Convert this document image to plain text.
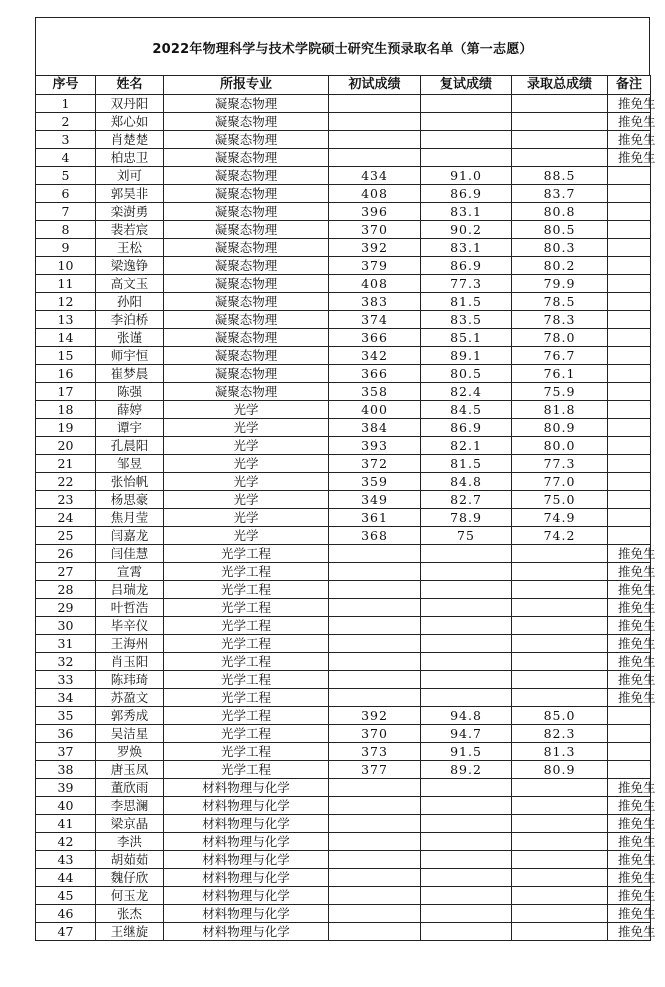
2022年物理科学与技术学院硕士研究生预录取名单（第一志愿）
序号	姓名	所报专业	初试成绩	复试成绩	录取总成绩	备注
1	双丹阳	凝聚态物理				推免生
2	郑心如	凝聚态物理				推免生
3	肖楚楚	凝聚态物理				推免生
4	柏忠卫	凝聚态物理				推免生
5	刘可	凝聚态物理	434	91.0	88.5	
6	郭昊非	凝聚态物理	408	86.9	83.7	
7	栾澍勇	凝聚态物理	396	83.1	80.8	
8	裴若宸	凝聚态物理	370	90.2	80.5	
9	王松	凝聚态物理	392	83.1	80.3	
10	梁逸铮	凝聚态物理	379	86.9	80.2	
11	高文玉	凝聚态物理	408	77.3	79.9	
12	孙阳	凝聚态物理	383	81.5	78.5	
13	李泊桥	凝聚态物理	374	83.5	78.3	
14	张谨	凝聚态物理	366	85.1	78.0	
15	师宇恒	凝聚态物理	342	89.1	76.7	
16	崔梦晨	凝聚态物理	366	80.5	76.1	
17	陈强	凝聚态物理	358	82.4	75.9	
18	薛婷	光学	400	84.5	81.8	
19	谭宇	光学	384	86.9	80.9	
20	孔晨阳	光学	393	82.1	80.0	
21	邹昱	光学	372	81.5	77.3	
22	张怡帆	光学	359	84.8	77.0	
23	杨思豪	光学	349	82.7	75.0	
24	焦月莹	光学	361	78.9	74.9	
25	闫嘉龙	光学	368	75	74.2	
26	闫佳慧	光学工程				推免生
27	宣霄	光学工程				推免生
28	吕瑞龙	光学工程				推免生
29	叶哲浩	光学工程				推免生
30	毕辛仪	光学工程				推免生
31	王海州	光学工程				推免生
32	肖玉阳	光学工程				推免生
33	陈玮琦	光学工程				推免生
34	苏盈文	光学工程				推免生
35	郭秀成	光学工程	392	94.8	85.0	
36	吴洁星	光学工程	370	94.7	82.3	
37	罗焕	光学工程	373	91.5	81.3	
38	唐玉凤	光学工程	377	89.2	80.9	
39	董欣雨	材料物理与化学				推免生
40	李思澜	材料物理与化学				推免生
41	梁京晶	材料物理与化学				推免生
42	李洪	材料物理与化学				推免生
43	胡茹茹	材料物理与化学				推免生
44	魏仔欣	材料物理与化学				推免生
45	何玉龙	材料物理与化学				推免生
46	张杰	材料物理与化学				推免生
47	王继旋	材料物理与化学				推免生
